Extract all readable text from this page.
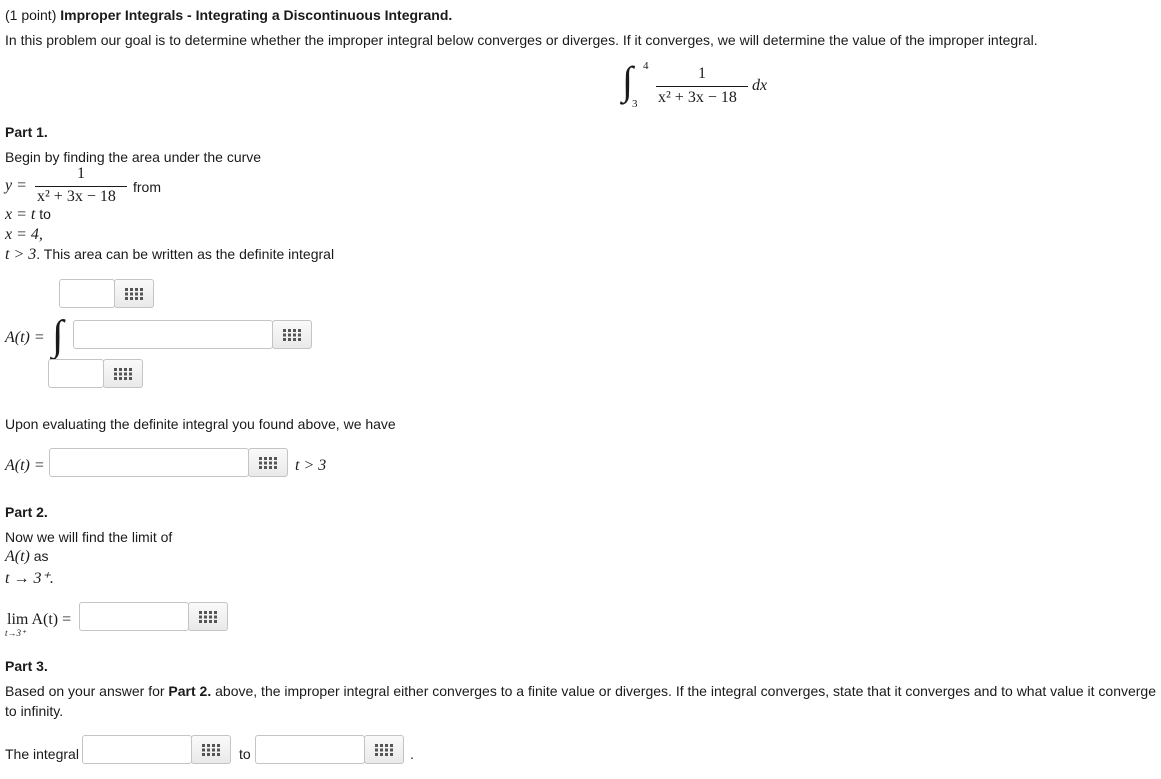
(1 point) Improper Integrals - Integrating a Discontinuous Integrand.
In this problem our goal is to determine whether the improper integral below converges or diverges. If it converges, we will determine the value of the improper integral.
∫ 4
3
1
x² + 3x − 18
dx
Part 1.
Begin by finding the area under the curve
y =
1
x² + 3x − 18
from
x = t to
x = 4,
t > 3. This area can be written as the definite integral
A(t) = ∫
Upon evaluating the definite integral you found above, we have
A(t) =	t > 3
Part 2.
Now we will find the limit of
A(t) as
t → 3⁺.
lim A(t) =
t→3⁺
Part 3.
Based on your answer for Part 2. above, the improper integral either converges to a finite value or diverges. If the integral converges, state that it converges and to what value it converge
to infinity.
The integral	to	.
